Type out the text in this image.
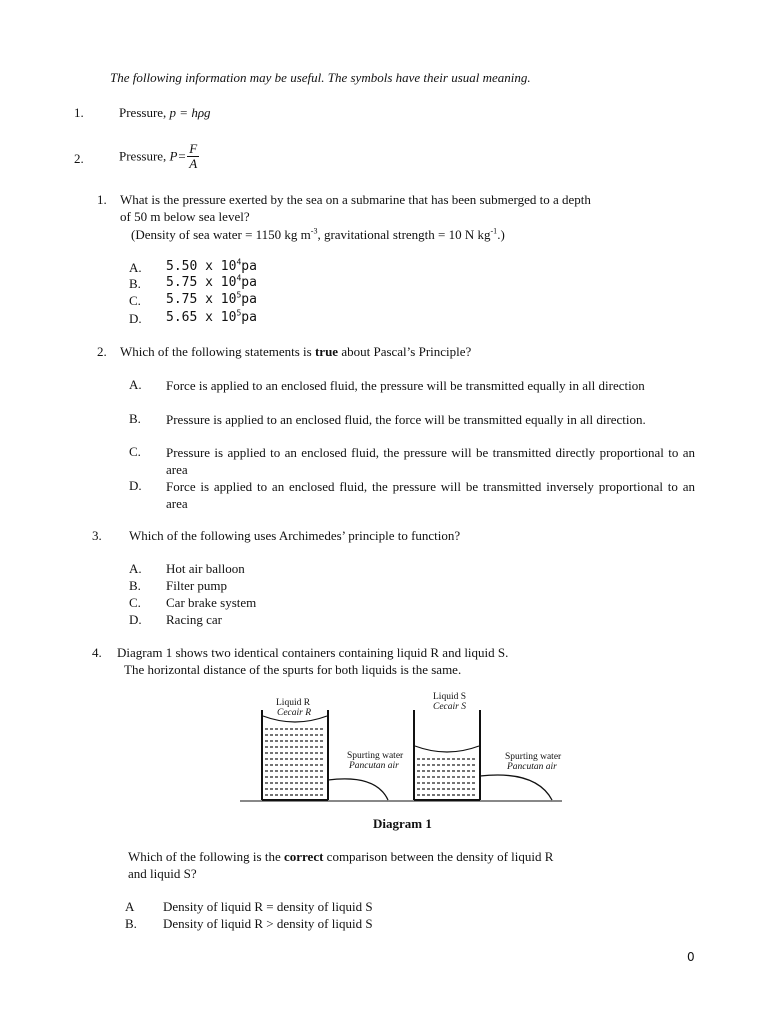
The following information may be useful. The symbols have their usual meaning.
1.	Pressure, p = hρg
2.	Pressure, $P= \frac{F}{A}$
1. What is the pressure exerted by the sea on a submarine that has been submerged to a depth
of 50 m below sea level?
(Density of sea water = 1150 kg $m^{-3}$, gravitational strength = 10 N $kg^{-1}$.)
A. 5.50 x $10^4pa$
B. 5.75 x $10^4pa$
C. 5.75 x $10^5pa$
D. 5.65 x $10^5pa$
2. Which of the following statements is true about Pascal’s Principle?
A. Force is applied to an enclosed fluid, the pressure will be transmitted equally in all direction
B. Pressure is applied to an enclosed fluid, the force will be transmitted equally in all direction.
C. Pressure is applied to an enclosed fluid, the pressure will be transmitted directly proportional to an area
D. Force is applied to an enclosed fluid, the pressure will be transmitted inversely proportional to an area
3. Which of the following uses Archimedes’ principle to function?
A. Hot air balloon
B. Filter pump
C. Car brake system
D. Racing car
4. Diagram 1 shows two identical containers containing liquid R and liquid S.
The horizontal distance of the spurts for both liquids is the same.
Liquid R
Cecair R
Liquid S
Cecair S
Spurting water
Pancutan air
Spurting water
Pancutan air
Diagram 1
Which of the following is the correct comparison between the density of liquid R
and liquid S?
A Density of liquid R = density of liquid S
B. Density of liquid R > density of liquid S
0
